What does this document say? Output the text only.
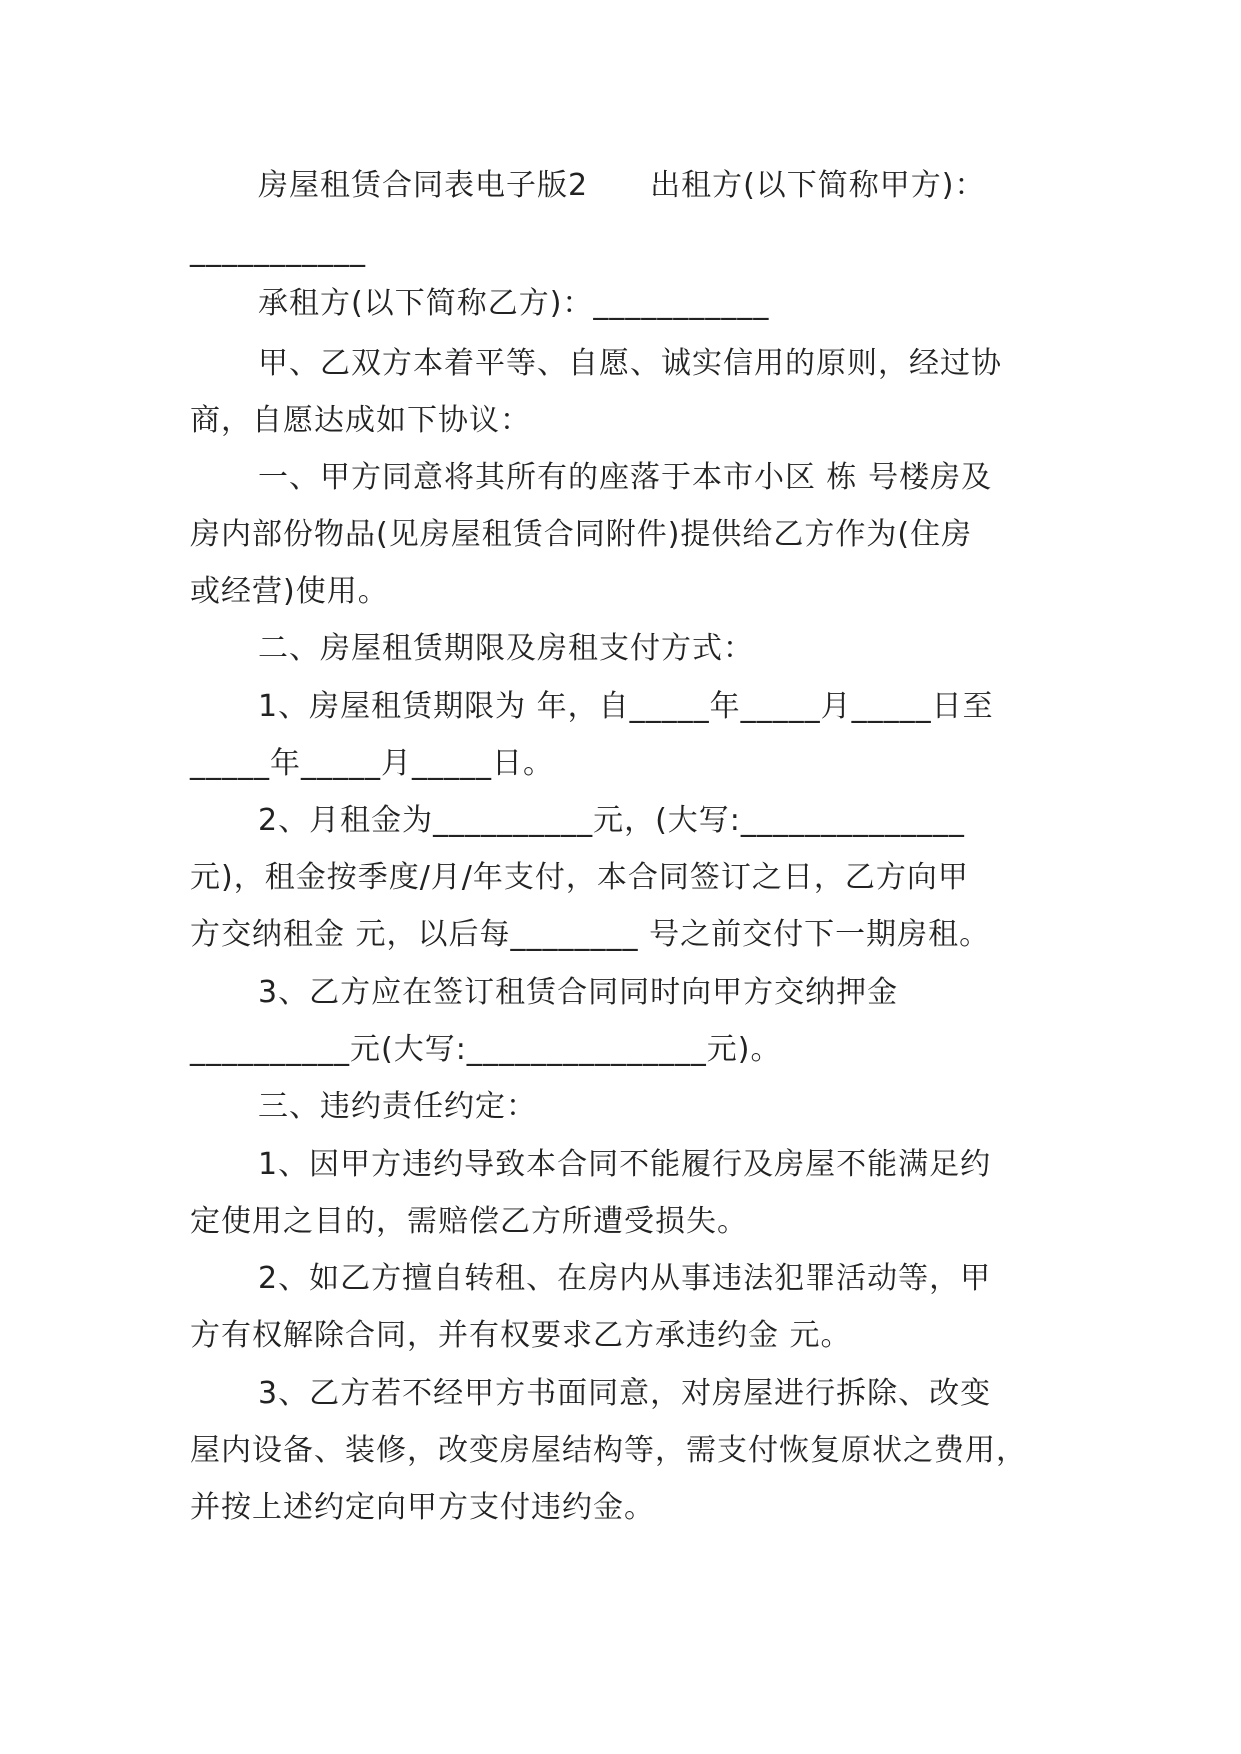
房屋租赁合同表电子版2　　出租方(以下简称甲方)：
___________
承租方(以下简称乙方)：___________
甲、乙双方本着平等、自愿、诚实信用的原则，经过协
商，自愿达成如下协议：
一、甲方同意将其所有的座落于本市小区 栋 号楼房及
房内部份物品(见房屋租赁合同附件)提供给乙方作为(住房
或经营)使用。
二、房屋租赁期限及房租支付方式：
1、房屋租赁期限为 年，自_____年_____月_____日至
_____年_____月_____日。
2、月租金为__________元，(大写:______________
元)，租金按季度/月/年支付，本合同签订之日，乙方向甲
方交纳租金 元，以后每________ 号之前交付下一期房租。
3、乙方应在签订租赁合同同时向甲方交纳押金
__________元(大写:_______________元)。
三、违约责任约定：
1、因甲方违约导致本合同不能履行及房屋不能满足约
定使用之目的，需赔偿乙方所遭受损失。
2、如乙方擅自转租、在房内从事违法犯罪活动等，甲
方有权解除合同，并有权要求乙方承违约金 元。
3、乙方若不经甲方书面同意，对房屋进行拆除、改变
屋内设备、装修，改变房屋结构等，需支付恢复原状之费用，
并按上述约定向甲方支付违约金。
